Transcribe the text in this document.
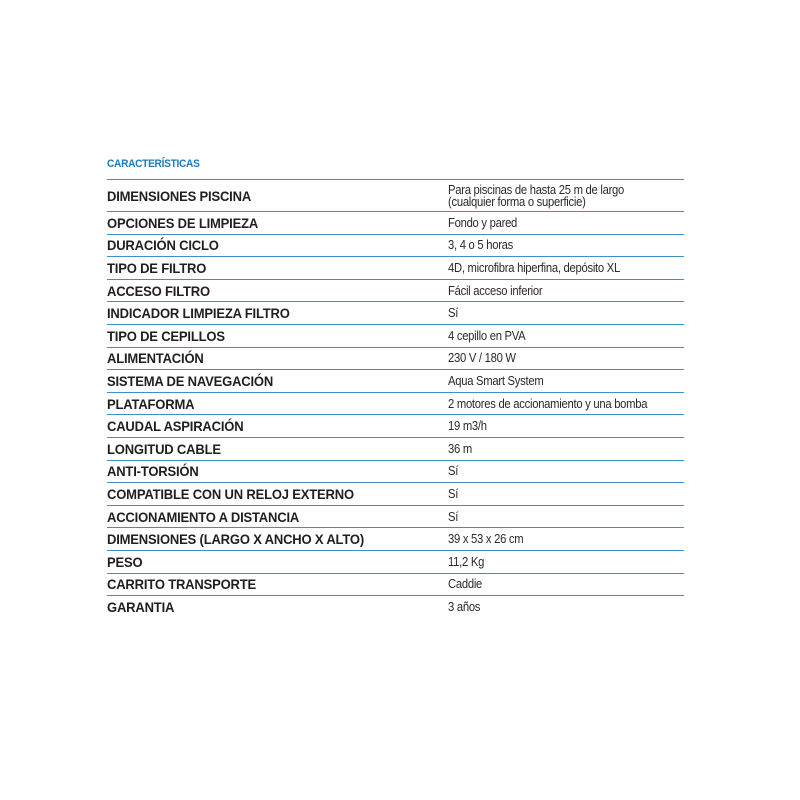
CARACTERÍSTICAS
DIMENSIONES PISCINA	Para piscinas de hasta 25 m de largo
(cualquier forma o superficie)
OPCIONES DE LIMPIEZA	Fondo y pared
DURACIÓN CICLO	3, 4 o 5 horas
TIPO DE FILTRO	4D, microfibra hiperfina, depósito XL
ACCESO FILTRO	Fácil acceso inferior
INDICADOR LIMPIEZA FILTRO	Sí
TIPO DE CEPILLOS	4 cepillo en PVA
ALIMENTACIÓN	230 V / 180 W
SISTEMA DE NAVEGACIÓN	Aqua Smart System
PLATAFORMA	2 motores de accionamiento y una bomba
CAUDAL ASPIRACIÓN	19 m3/h
LONGITUD CABLE	36 m
ANTI-TORSIÓN	Sí
COMPATIBLE CON UN RELOJ EXTERNO	Sí
ACCIONAMIENTO A DISTANCIA	Sí
DIMENSIONES (LARGO X ANCHO X ALTO)	39 x 53 x 26 cm
PESO	11,2 Kg
CARRITO TRANSPORTE	Caddie
GARANTIA	3 años
